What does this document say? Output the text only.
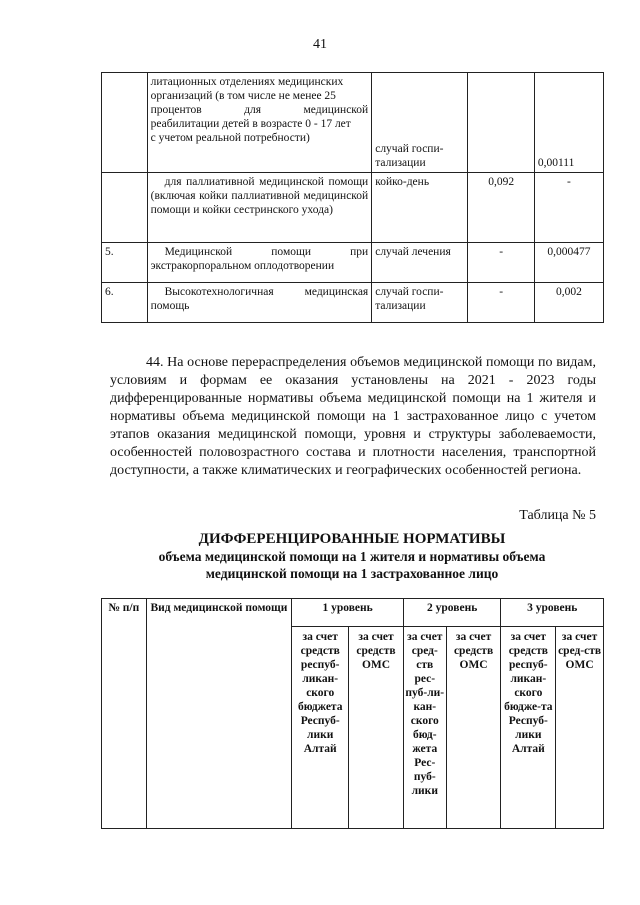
41

	литационных отделениях медицинских
организаций (в том числе не менее 25
процентов для медицинской
реабилитации детей в возрасте 0 - 17 лет
с учетом реальной потребности)	случай госпи-тализации		0,00111
	для паллиативной медицинской помощи (включая койки паллиативной медицинской помощи и койки сестринского ухода)	койко-день	0,092	-
5.	Медицинской помощи при экстракорпоральном оплодотворении	случай лечения	-	0,000477
6.	Высокотехнологичная медицинская помощь	случай госпи-тализации	-	0,002
44. На основе перераспределения объемов медицинской помощи по видам, условиям и формам ее оказания установлены на 2021 - 2023 годы дифференцированные нормативы объема медицинской помощи на 1 жителя и нормативы объема медицинской помощи на 1 застрахованное лицо с учетом этапов оказания медицинской помощи, уровня и структуры заболеваемости, особенностей половозрастного состава и плотности населения, транспортной доступности, а также климатических и географических особенностей региона.
Таблица № 5
ДИФФЕРЕНЦИРОВАННЫЕ НОРМАТИВЫ
объема медицинской помощи на 1 жителя и нормативы объема
медицинской помощи на 1 застрахованное лицо
№ п/п	Вид медицинской помощи	1 уровень		2 уровень		3 уровень	
		за счет средств респуб-ликан-ского бюджета Респуб-лики Алтай	за счет средств ОМС	за счет сред-ств рес-пуб-ли-кан-ского бюд-жета Рес-пуб-лики	за счет средств ОМС	за счет средств респуб-ликан-ского бюдже-та Респуб-лики Алтай	за счет сред-ств ОМС
